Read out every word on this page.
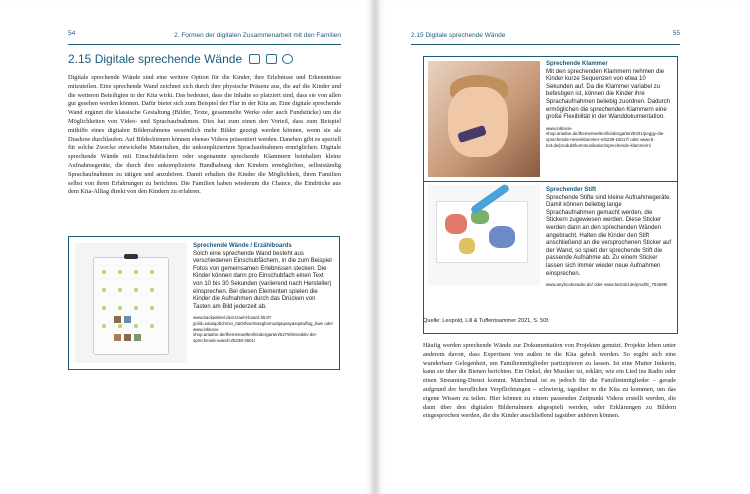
54	2. Formen der digitalen Zusammenarbeit mit den Familien
2.15 Digitale sprechende Wände
Digitale sprechende Wände sind eine weitere Option für die Kinder, ihre Erlebnisse und Erkenntnisse mitzuteilen. Eine sprechende Wand zeichnet sich durch ihre physische Präsenz aus, die auf die Kinder und die weiteren Beteiligten in der Kita wirkt. Das bedeutet, dass die Inhalte so platziert sind, dass sie von allen gut gesehen werden können. Dafür bietet sich zum Beispiel der Flur in der Kita an. Eine digitale sprechende Wand ergänzt die klassische Gestaltung (Bilder, Texte, gesammelte Werke oder auch Fundstücke) um die Möglichkeiten von Video- und Sprachaufnahmen. Dies hat zum einen den Vorteil, dass zum Beispiel mithilfe eines digitalen Bilderrahmens wesentlich mehr Bilder gezeigt werden können, wenn sie als Diashow durchlaufen. Auf Bildschirmen können ebenso Videos präsentiert werden. Daneben gibt es speziell für solche Zwecke entwickelte Materialien, die unkompliziertere Sprachaufnahmen ermöglichen. Digitale sprechende Wände mit Einschubfächern oder sogenannte sprechende Klammern beinhalten kleine Aufnahmegeräte, die durch ihre unkomplizierte Handhabung den Kindern ermöglichen, selbstständig Sprachaufnahmen zu tätigen und anzuhören. Damit erhalten die Kinder die Möglichkeit, ihren Familien selbst von ihren Erfahrungen zu berichten. Die Familien haben wiederum die Chance, die Eindrücke aus dem Kita-Alltag direkt von den Kindern zu erfahren.
Sprechende Wände / Erzählboards
Solch eine sprechende Wand besteht aus verschiedenen Einschubfächern, in die zum Beispiel Fotos von gemeinsamen Erlebnissen stecken. Die Kinder können dann pro Einschubfach einen Text von 10 bis 30 Sekunden (variierend nach Hersteller) einsprechen. Bei diesen Elementen spielen die Kinder die Aufnahmen durch das Drücken von Tasten am Bild jederzeit ab.
www.backwinkel.de/erzaehl-board.html?gclid=eaiaiqobchmio_0a0sfvwnlvaxgbomodqaqvayaxqaiwflog_bwe oder www.inklusiv-shop.ariadne.de/themenwelten/kindergarten/5279/interaktiv-die-sprechende-wand-n/5238-3601/
2.15 Digitale sprechende Wände	55
Sprechende Klammer
Mit den sprechenden Klammern nehmen die Kinder kurze Sequenzen von etwa 10 Sekunden auf. Da die Klammer variabel zu befestigen ist, können die Kinder ihre Sprachaufnahmen beliebig zuordnen. Dadurch ermöglichen die sprechenden Klammern eine große Flexibilität in der Wanddokumentation.
www.inklusiv-shop.ariadne.de/themenwelten/kindergarten/6331/peggy-die-sprechende-riesenklammer-n/5238-15017/ oder www.b-bot.de/produkt/kommunikation/sprechende-klammern/
Sprechender Stift
Sprechende Stifte sind kleine Aufnahmegeräte. Damit können beliebig lange Sprachaufnahmen gemacht werden, die Stickern zugewiesen werden. Diese Sticker werden dann an den sprechenden Wänden angebracht. Halten die Kinder den Stift anschließend an die versprochenen Sticker auf der Wand, so spielt der sprechende Stift die passende Aufnahme ab. Zu einem Sticker lassen sich immer wieder neue Aufnahmen einsprechen.
www.anybookreader.de/ oder www.betzold.de/prod/E_754698/
Quelle: Leopold, Lill & Tuffentsammer 2021, S. 50f.
Häufig werden sprechende Wände zur Dokumentation von Projekten genutzt. Projekte leben unter anderem davon, dass Expertisen von außen in die Kita geholt werden. So ergibt sich eine wunderbare Gelegenheit, um Familienmitglieder partizipieren zu lassen. Ist eine Mutter Imkerin, kann sie über die Bienen berichten. Ein Onkel, der Musiker ist, erklärt, wie ein Lied ins Radio oder einen Streaming-Dienst kommt. Manchmal ist es jedoch für die Familienmitglieder – gerade aufgrund der beruflichen Verpflichtungen – schwierig, tagsüber in die Kita zu kommen, um das eigene Wissen zu teilen. Hier können zu einem passenden Zeitpunkt Videos erstellt werden, die dann über den digitalen Bilderrahmen abgespielt werden, oder Erklärungen zu Bildern eingesprochen werden, die die Kinder anschließend tagsüber anhören können.
